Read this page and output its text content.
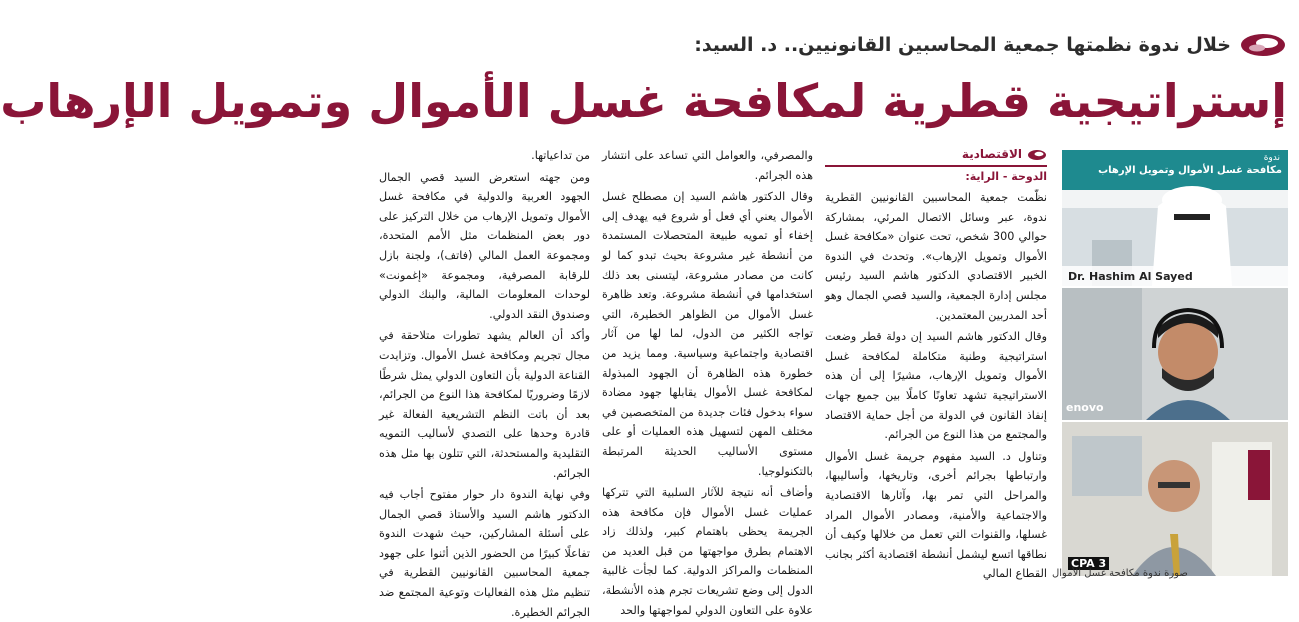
خلال ندوة نظمتها جمعية المحاسبين القانونيين.. د. السيد:
إستراتيجية قطرية لمكافحة غسل الأموال وتمويل الإرهاب
الاقتصادية
الدوحة - الراية:

نظّمت جمعية المحاسبين القانونيين القطرية ندوة، عبر وسائل الاتصال المرئي، بمشاركة حوالي 300 شخص، تحت عنوان «مكافحة غسل الأموال وتمويل الإرهاب». وتحدث في الندوة الخبير الاقتصادي الدكتور هاشم السيد رئيس مجلس إدارة الجمعية، والسيد قصي الجمال وهو أحد المدربين المعتمدين.

وقال الدكتور هاشم السيد إن دولة قطر وضعت استراتيجية وطنية متكاملة لمكافحة غسل الأموال وتمويل الإرهاب، مشيرًا إلى أن هذه الاستراتيجية تشهد تعاونًا كاملًا بين جميع جهات إنفاذ القانون في الدولة من أجل حماية الاقتصاد والمجتمع من هذا النوع من الجرائم.

وتناول د. السيد مفهوم جريمة غسل الأموال وارتباطها بجرائم أخرى، وتاريخها، وأساليبها، والمراحل التي تمر بها، وآثارها الاقتصادية والاجتماعية والأمنية، ومصادر الأموال المراد غسلها، والقنوات التي تعمل من خلالها وكيف أن نطاقها اتسع ليشمل أنشطة اقتصادية أكثر بجانب القطاع المالي

والمصرفي، والعوامل التي تساعد على انتشار هذه الجرائم.

وقال الدكتور هاشم السيد إن مصطلح غسل الأموال يعني أي فعل أو شروع فيه يهدف إلى إخفاء أو تمويه طبيعة المتحصلات المستمدة من أنشطة غير مشروعة بحيث تبدو كما لو كانت من مصادر مشروعة، ليتسنى بعد ذلك استخدامها في أنشطة مشروعة. وتعد ظاهرة غسل الأموال من الظواهر الخطيرة، التي تواجه الكثير من الدول، لما لها من آثار اقتصادية واجتماعية وسياسية. ومما يزيد من خطورة هذه الظاهرة أن الجهود المبذولة لمكافحة غسل الأموال يقابلها جهود مضادة سواء بدخول فئات جديدة من المتخصصين في مختلف المهن لتسهيل هذه العمليات أو على مستوى الأساليب الحديثة المرتبطة بالتكنولوجيا.

وأضاف أنه نتيجة للآثار السلبية التي تتركها عمليات غسل الأموال فإن مكافحة هذه الجريمة يحظى باهتمام كبير، ولذلك زاد الاهتمام بطرق مواجهتها من قبل العديد من المنظمات والمراكز الدولية. كما لجأت غالبية الدول إلى وضع تشريعات تجرم هذه الأنشطة، علاوة على التعاون الدولي لمواجهتها والحد

من تداعياتها.

ومن جهته استعرض السيد قصي الجمال الجهود العربية والدولية في مكافحة غسل الأموال وتمويل الإرهاب من خلال التركيز على دور بعض المنظمات مثل الأمم المتحدة، ومجموعة العمل المالي (فاتف)، ولجنة بازل للرقابة المصرفية، ومجموعة «إغمونت» لوحدات المعلومات المالية، والبنك الدولي وصندوق النقد الدولي.

وأكد أن العالم يشهد تطورات متلاحقة في مجال تجريم ومكافحة غسل الأموال. وتزايدت القناعة الدولية بأن التعاون الدولي يمثل شرطًا لازمًا وضروريًا لمكافحة هذا النوع من الجرائم، بعد أن باتت النظم التشريعية الفعالة غير قادرة وحدها على التصدي لأساليب التمويه التقليدية والمستحدثة، التي تتلون بها مثل هذه الجرائم.

وفي نهاية الندوة دار حوار مفتوح أجاب فيه الدكتور هاشم السيد والأستاذ قصي الجمال على أسئلة المشاركين، حيث شهدت الندوة تفاعلًا كبيرًا من الحضور الذين أثنوا على جهود جمعية المحاسبين القانونيين القطرية في تنظيم مثل هذه الفعاليات وتوعية المجتمع ضد الجرائم الخطيرة.

ندوة
مكافحة غسل الأموال وتمويل الإرهاب
Dr. Hashim Al Sayed
enovo
CPA 3
صورة ندوة مكافحة غسل الأموال
